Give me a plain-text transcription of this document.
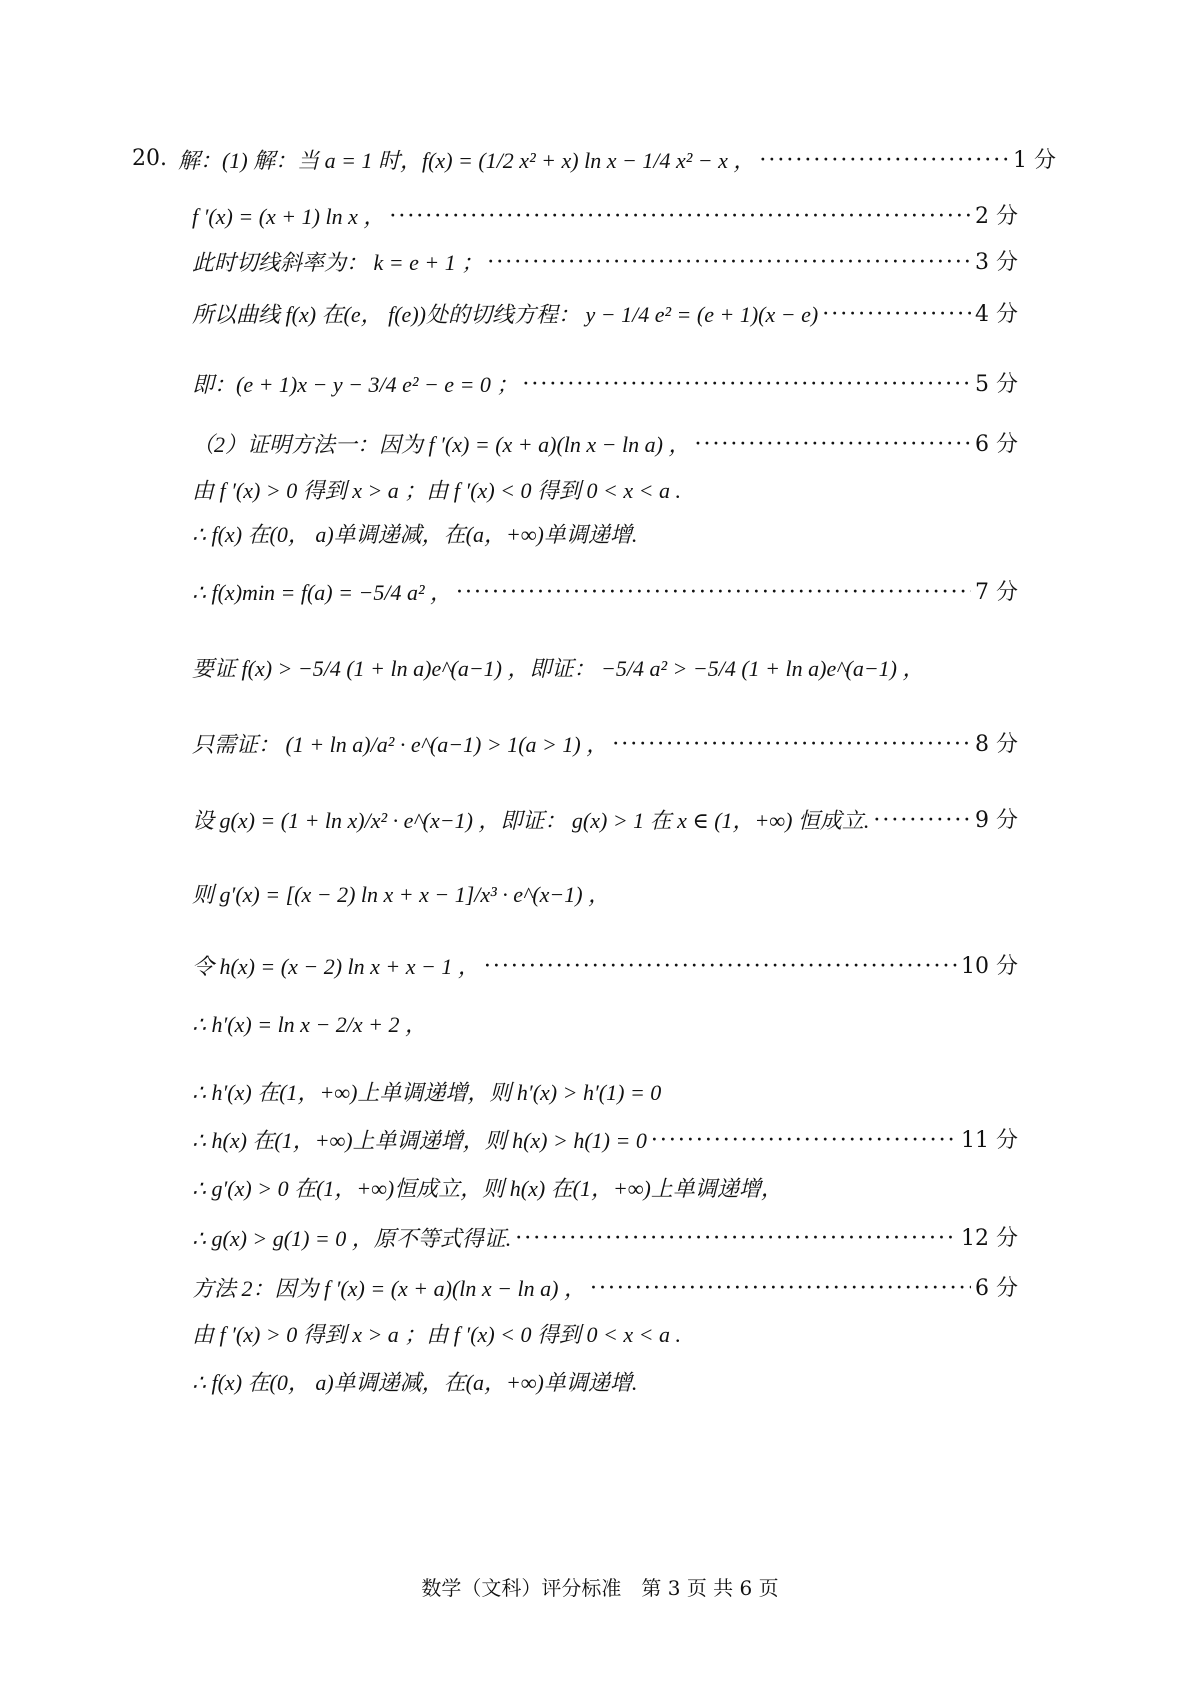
20. 解：(1) 解：当 a = 1 时，f(x) = (1/2 x² + x) ln x − 1/4 x² − x ， ·····	1 分
f ′(x) = (x + 1) ln x ， ·····	2 分
此时切线斜率为： k = e + 1 ； ·····	3 分
所以曲线 f(x) 在(e， f(e))处的切线方程： y − 1/4 e² = (e + 1)(x − e) ·····	4 分
即：(e + 1)x − y − 3/4 e² − e = 0 ； ·····	5 分
（2）证明方法一：因为 f ′(x) = (x + a)(ln x − ln a) ， ·····	6 分
由 f ′(x) > 0 得到 x > a ；由 f ′(x) < 0 得到 0 < x < a .
∴ f(x) 在(0， a)单调递减，在(a，+∞)单调递增.
∴ f(x)min = f(a) = −5/4 a² ， ·····	7 分
要证 f(x) > −5/4 (1 + ln a)e^(a−1) ，即证： −5/4 a² > −5/4 (1 + ln a)e^(a−1) ，
只需证： (1 + ln a)/a² · e^(a−1) > 1(a > 1) ， ·····	8 分
设 g(x) = (1 + ln x)/x² · e^(x−1) ，即证： g(x) > 1 在 x ∈ (1，+∞) 恒成立. ·····	9 分
则 g′(x) = [(x − 2) ln x + x − 1]/x³ · e^(x−1) ，
令 h(x) = (x − 2) ln x + x − 1 ， ·····	10 分
∴ h′(x) = ln x − 2/x + 2 ，
∴ h′(x) 在(1，+∞)上单调递增，则 h′(x) > h′(1) = 0
∴ h(x) 在(1，+∞)上单调递增，则 h(x) > h(1) = 0 ·····	11 分
∴ g′(x) > 0 在(1，+∞)恒成立，则 h(x) 在(1，+∞)上单调递增，
∴ g(x) > g(1) = 0 ，原不等式得证. ·····	12 分
方法 2：因为 f ′(x) = (x + a)(ln x − ln a) ， ·····	6 分
由 f ′(x) > 0 得到 x > a ；由 f ′(x) < 0 得到 0 < x < a .
∴ f(x) 在(0， a)单调递减，在(a，+∞)单调递增.
数学（文科）评分标准　第 3 页 共 6 页
